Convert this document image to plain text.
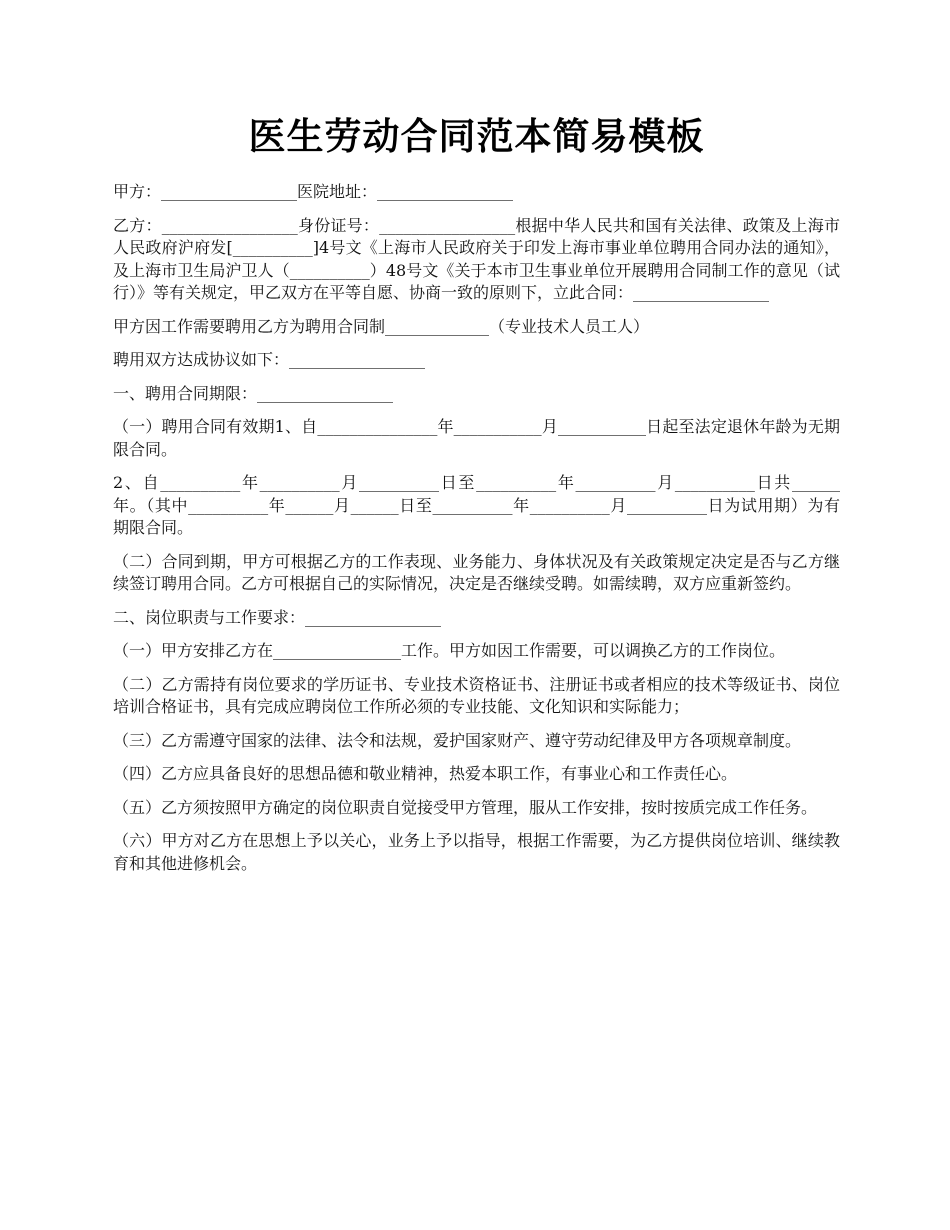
医生劳动合同范本简易模板

甲方：_________________医院地址：_________________

乙方：_________________身份证号：_________________根据中华人民共和国有关法律、政策及上海市人民政府沪府发[__________]4号文《上海市人民政府关于印发上海市事业单位聘用合同办法的通知》，及上海市卫生局沪卫人（__________）48号文《关于本市卫生事业单位开展聘用合同制工作的意见（试行）》等有关规定，甲乙双方在平等自愿、协商一致的原则下，立此合同：_________________

甲方因工作需要聘用乙方为聘用合同制_____________（专业技术人员工人）

聘用双方达成协议如下：_________________

一、聘用合同期限：_________________

（一）聘用合同有效期1、自_______________年___________月___________日起至法定退休年龄为无期限合同。

2、自__________年__________月__________日至__________年__________月__________日共______年。（其中__________年______月______日至__________年__________月__________日为试用期）为有期限合同。

（二）合同到期，甲方可根据乙方的工作表现、业务能力、身体状况及有关政策规定决定是否与乙方继续签订聘用合同。乙方可根据自己的实际情况，决定是否继续受聘。如需续聘，双方应重新签约。

二、岗位职责与工作要求：_________________

（一）甲方安排乙方在________________工作。甲方如因工作需要，可以调换乙方的工作岗位。

（二）乙方需持有岗位要求的学历证书、专业技术资格证书、注册证书或者相应的技术等级证书、岗位培训合格证书，具有完成应聘岗位工作所必须的专业技能、文化知识和实际能力；

（三）乙方需遵守国家的法律、法令和法规，爱护国家财产、遵守劳动纪律及甲方各项规章制度。

（四）乙方应具备良好的思想品德和敬业精神，热爱本职工作，有事业心和工作责任心。

（五）乙方须按照甲方确定的岗位职责自觉接受甲方管理，服从工作安排，按时按质完成工作任务。

（六）甲方对乙方在思想上予以关心，业务上予以指导，根据工作需要，为乙方提供岗位培训、继续教育和其他进修机会。
